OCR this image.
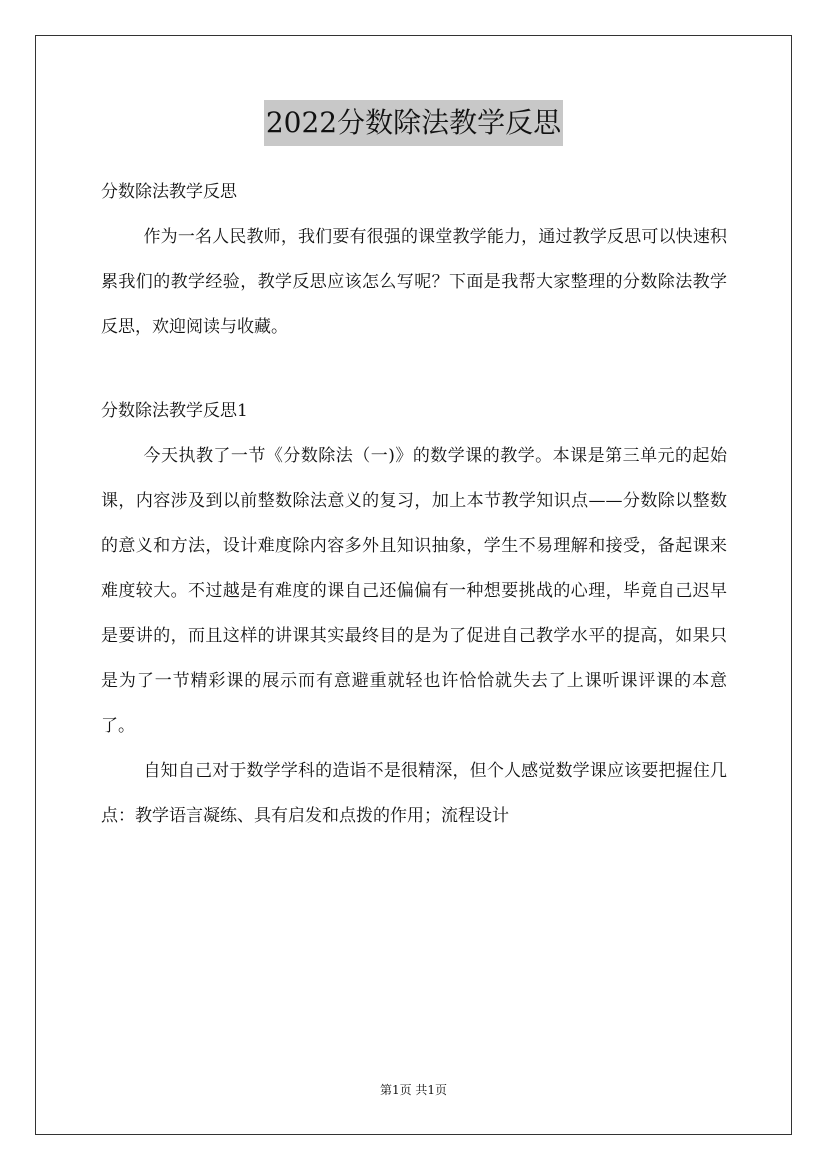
2022分数除法教学反思

分数除法教学反思

作为一名人民教师，我们要有很强的课堂教学能力，通过教学反思可以快速积累我们的教学经验，教学反思应该怎么写呢？下面是我帮大家整理的分数除法教学反思，欢迎阅读与收藏。

分数除法教学反思1

今天执教了一节《分数除法（一)》的数学课的教学。本课是第三单元的起始课，内容涉及到以前整数除法意义的复习，加上本节教学知识点——分数除以整数的意义和方法，设计难度除内容多外且知识抽象，学生不易理解和接受，备起课来难度较大。不过越是有难度的课自己还偏偏有一种想要挑战的心理，毕竟自己迟早是要讲的，而且这样的讲课其实最终目的是为了促进自己教学水平的提高，如果只是为了一节精彩课的展示而有意避重就轻也许恰恰就失去了上课听课评课的本意了。

自知自己对于数学学科的造诣不是很精深，但个人感觉数学课应该要把握住几点：教学语言凝练、具有启发和点拨的作用；流程设计

第1页 共1页
